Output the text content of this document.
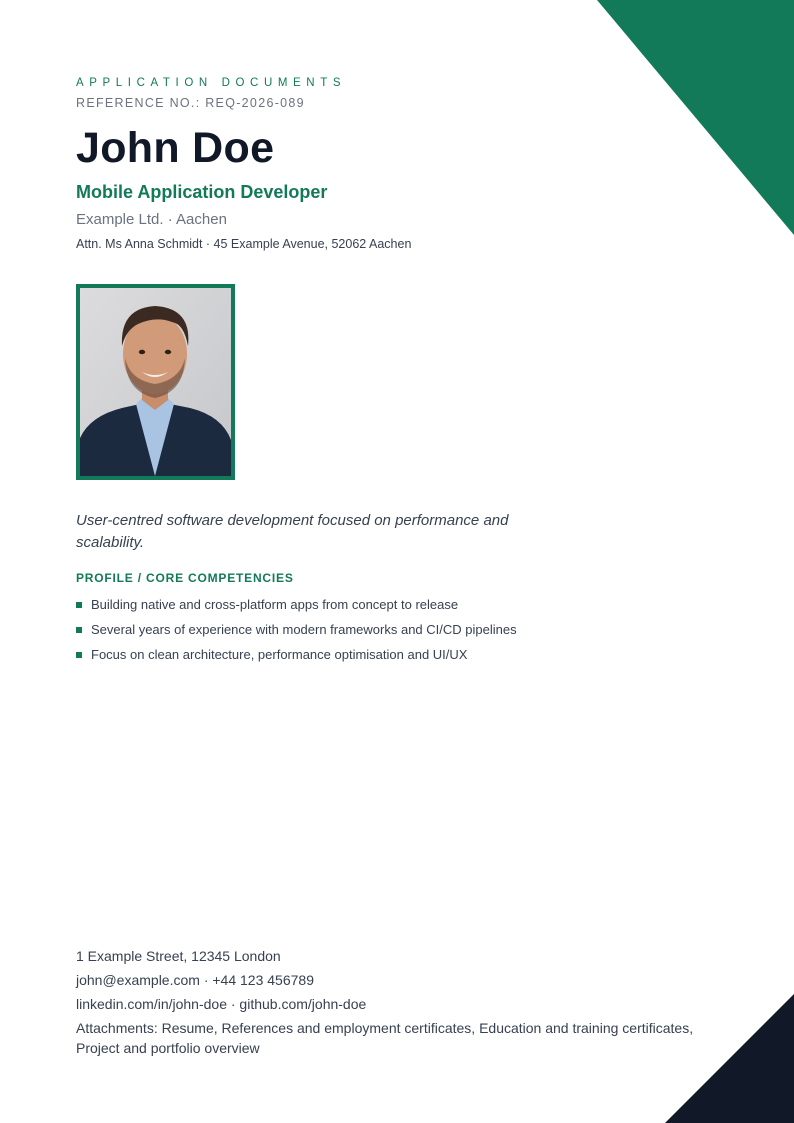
APPLICATION DOCUMENTS
REFERENCE NO.: REQ-2026-089
John Doe
Mobile Application Developer
Example Ltd. · Aachen
Attn. Ms Anna Schmidt · 45 Example Avenue, 52062 Aachen
User-centred software development focused on performance and scalability.
PROFILE / CORE COMPETENCIES
Building native and cross-platform apps from concept to release
Several years of experience with modern frameworks and CI/CD pipelines
Focus on clean architecture, performance optimisation and UI/UX
1 Example Street, 12345 London
john@example.com · +44 123 456789
linkedin.com/in/john-doe · github.com/john-doe
Attachments: Resume, References and employment certificates, Education and training certificates, Project and portfolio overview
